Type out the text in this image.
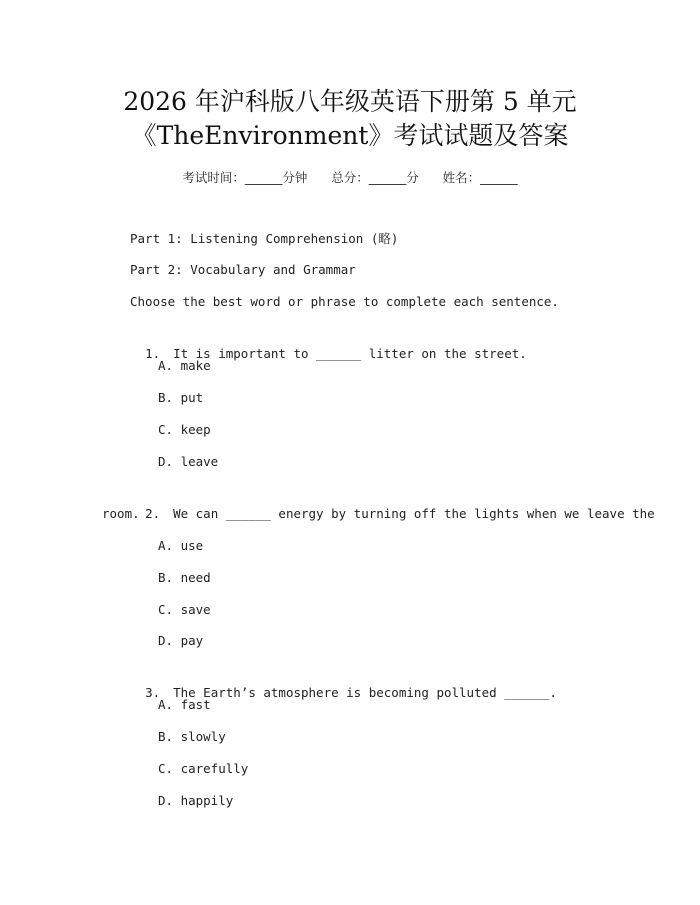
2026 年沪科版八年级英语下册第 5 单元
《TheEnvironment》考试试题及答案
考试时间：______分钟      总分：______分      姓名：______
Part 1: Listening Comprehension (略)
Part 2: Vocabulary and Grammar
Choose the best word or phrase to complete each sentence.

1. It is important to ______ litter on the street.

A. make
B. put
C. keep
D. leave

2. We can ______ energy by turning off the lights when we leave the

room.
A. use
B. need
C. save
D. pay

3. The Earth’s atmosphere is becoming polluted ______.

A. fast
B. slowly
C. carefully
D. happily
